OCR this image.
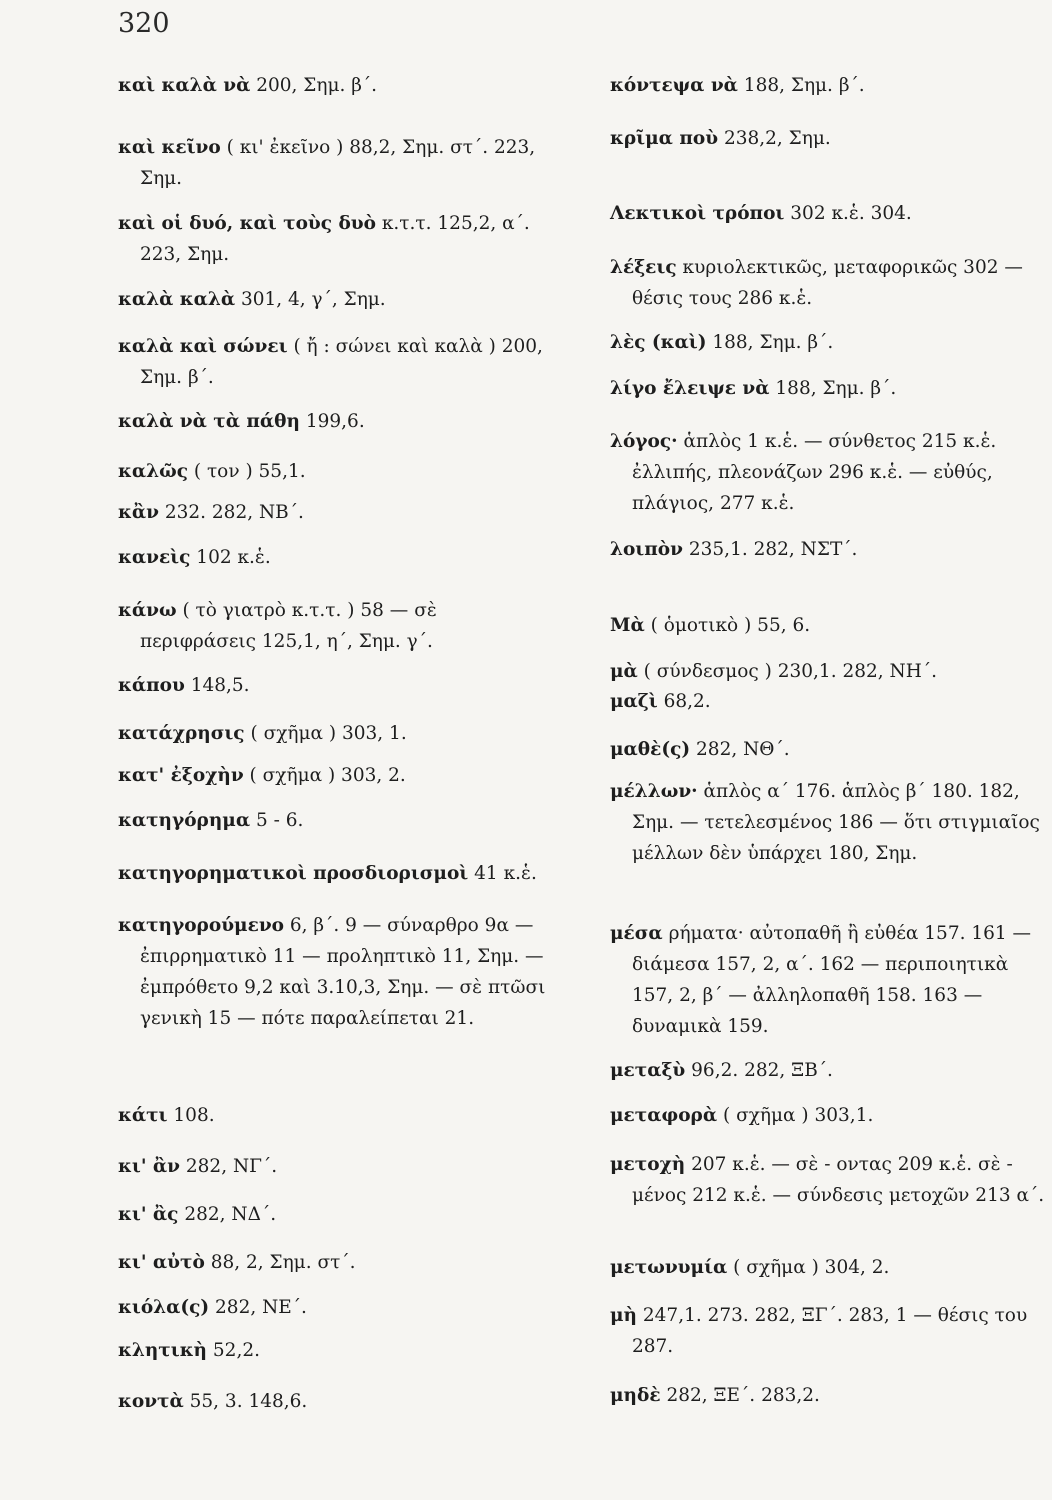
320
καὶ καλὰ νὰ 200, Σημ. β΄.
καὶ κεῖνο ( κι' ἐκεῖνο ) 88,2, Σημ. στ΄. 223, Σημ.
καὶ οἱ δυό, καὶ τοὺς δυὸ κ.τ.τ. 125,2, α΄. 223, Σημ.
καλὰ καλὰ 301, 4, γ΄, Σημ.
καλὰ καὶ σώνει ( ἤ : σώνει καὶ καλὰ ) 200, Σημ. β΄.
καλὰ νὰ τὰ πάθη 199,6.
καλῶς ( τον ) 55,1.
κἂν 232. 282, ΝΒ΄.
κανεὶς 102 κ.ἑ.
κάνω ( τὸ γιατρὸ κ.τ.τ. ) 58 — σὲ περιφράσεις 125,1, η΄, Σημ. γ΄.
κάπου 148,5.
κατάχρησις ( σχῆμα ) 303, 1.
κατ' ἐξοχὴν ( σχῆμα ) 303, 2.
κατηγόρημα 5 - 6.
κατηγορηματικοὶ προσδιορισμοὶ 41 κ.ἑ.
κατηγορούμενο 6, β΄. 9 — σύναρθρο 9α — ἐπιρρηματικὸ 11 — προληπτικὸ 11, Σημ. — ἐμπρόθετο 9,2 καὶ 3.10,3, Σημ. — σὲ πτῶσι γενικὴ 15 — πότε παραλείπεται 21.
κάτι 108.
κι' ἂν 282, ΝΓ΄.
κι' ἂς 282, ΝΔ΄.
κι' αὐτὸ 88, 2, Σημ. στ΄.
κιόλα(ς) 282, ΝΕ΄.
κλητικὴ 52,2.
κοντὰ 55, 3. 148,6.
κόντεψα νὰ 188, Σημ. β΄.
κρῖμα ποὺ 238,2, Σημ.
Λεκτικοὶ τρόποι 302 κ.ἑ. 304.
λέξεις κυριολεκτικῶς, μεταφορικῶς 302 — θέσις τους 286 κ.ἑ.
λὲς (καὶ) 188, Σημ. β΄.
λίγο ἔλειψε νὰ 188, Σημ. β΄.
λόγος· ἁπλὸς 1 κ.ἑ. — σύνθετος 215 κ.ἑ. ἐλλιπής, πλεονάζων 296 κ.ἑ. — εὐθύς, πλάγιος, 277 κ.ἑ.
λοιπὸν 235,1. 282, ΝΣΤ΄.
Μὰ ( ὁμοτικὸ ) 55, 6.
μὰ ( σύνδεσμος ) 230,1. 282, ΝΗ΄.
μαζὶ 68,2.
μαθὲ(ς) 282, ΝΘ΄.
μέλλων· ἁπλὸς α΄ 176. ἁπλὸς β΄ 180. 182, Σημ. — τετελεσμένος 186 — ὅτι στιγμιαῖος μέλλων δὲν ὑπάρχει 180, Σημ.
μέσα ρήματα· αὐτοπαθῆ ἢ εὐθέα 157. 161 — διάμεσα 157, 2, α΄. 162 — περιποιητικὰ 157, 2, β΄ — ἀλληλοπαθῆ 158. 163 — δυναμικὰ 159.
μεταξὺ 96,2. 282, ΞΒ΄.
μεταφορὰ ( σχῆμα ) 303,1.
μετοχὴ 207 κ.ἑ. — σὲ - οντας 209 κ.ἑ. σὲ - μένος 212 κ.ἑ. — σύνδεσις μετοχῶν 213 α΄.
μετωνυμία ( σχῆμα ) 304, 2.
μὴ 247,1. 273. 282, ΞΓ΄. 283, 1 — θέσις του 287.
μηδὲ 282, ΞΕ΄. 283,2.
